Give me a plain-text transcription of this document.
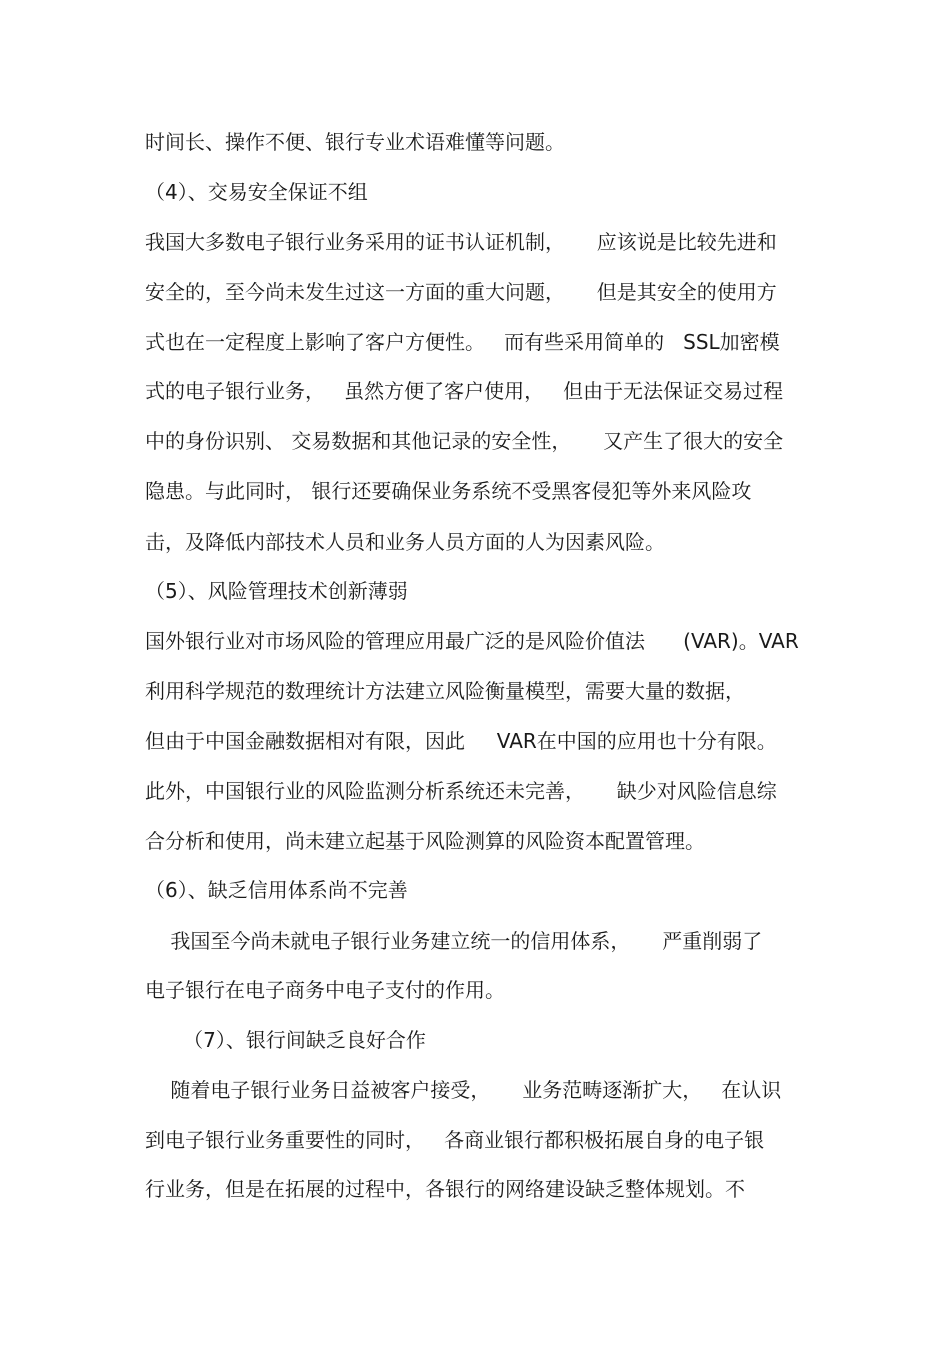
时间长、操作不便、银行专业术语难懂等问题。
（4）、交易安全保证不组
我国大多数电子银行业务采用的证书认证机制，     应该说是比较先进和
安全的，至今尚未发生过这一方面的重大问题，     但是其安全的使用方
式也在一定程度上影响了客户方便性。   而有些采用简单的   SSL加密模
式的电子银行业务，   虽然方便了客户使用，   但由于无法保证交易过程
中的身份识别、 交易数据和其他记录的安全性，     又产生了很大的安全
隐患。与此同时， 银行还要确保业务系统不受黑客侵犯等外来风险攻
击，及降低内部技术人员和业务人员方面的人为因素风险。
（5）、风险管理技术创新薄弱
国外银行业对市场风险的管理应用最广泛的是风险价值法      (VAR)。VAR
利用科学规范的数理统计方法建立风险衡量模型，需要大量的数据，
但由于中国金融数据相对有限，因此     VAR在中国的应用也十分有限。
此外，中国银行业的风险监测分析系统还未完善，     缺少对风险信息综
合分析和使用，尚未建立起基于风险测算的风险资本配置管理。
（6）、缺乏信用体系尚不完善
我国至今尚未就电子银行业务建立统一的信用体系，     严重削弱了
电子银行在电子商务中电子支付的作用。
（7）、银行间缺乏良好合作
随着电子银行业务日益被客户接受，     业务范畴逐渐扩大，   在认识
到电子银行业务重要性的同时，   各商业银行都积极拓展自身的电子银
行业务，但是在拓展的过程中，各银行的网络建设缺乏整体规划。不
